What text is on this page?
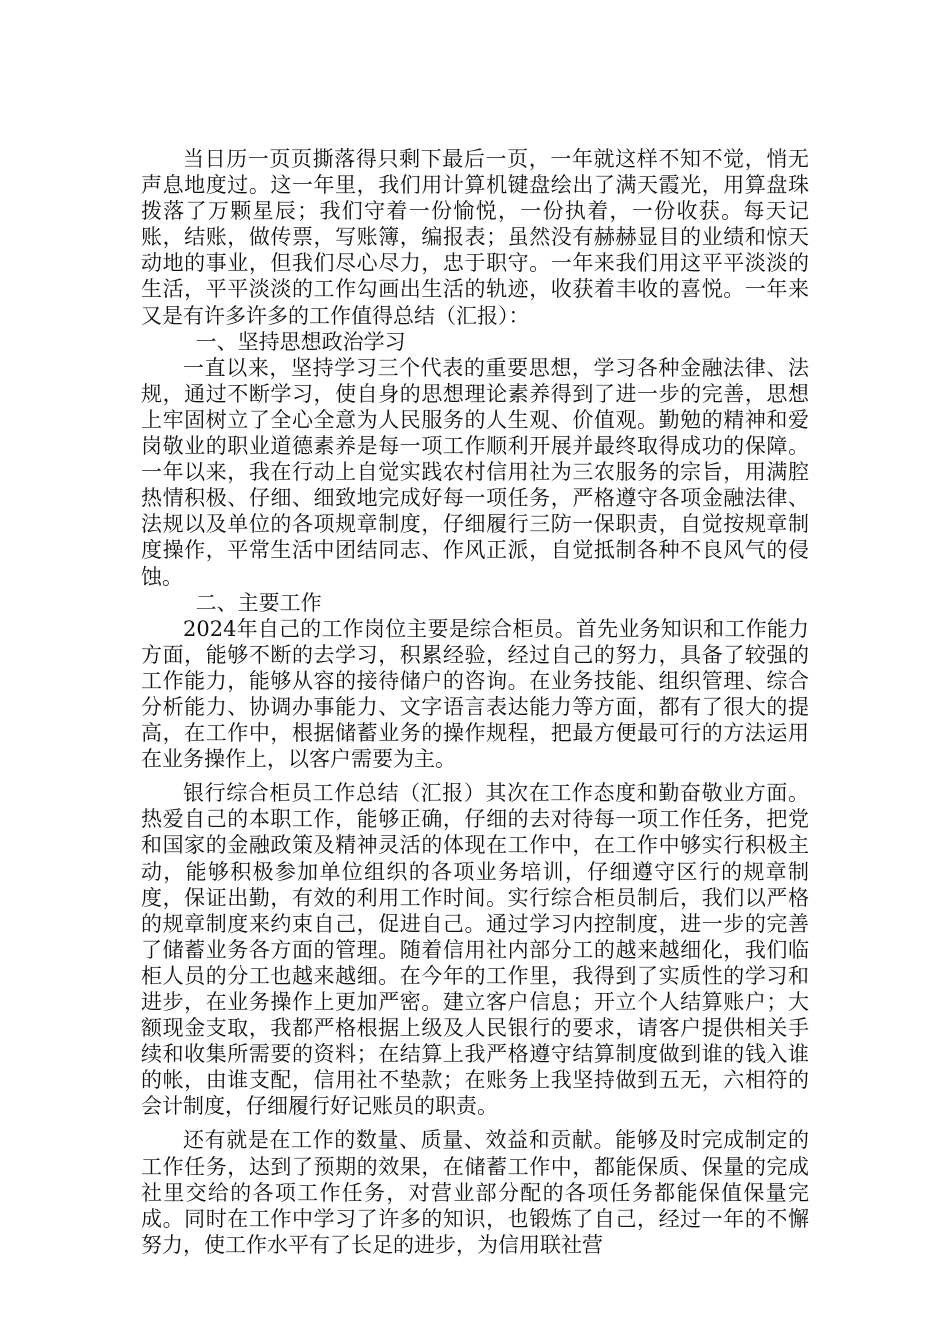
当日历一页页撕落得只剩下最后一页，一年就这样不知不觉，悄无声息地度过。这一年里，我们用计算机键盘绘出了满天霞光，用算盘珠拨落了万颗星辰；我们守着一份愉悦，一份执着，一份收获。每天记账，结账，做传票，写账簿，编报表；虽然没有赫赫显目的业绩和惊天动地的事业，但我们尽心尽力，忠于职守。一年来我们用这平平淡淡的生活，平平淡淡的工作勾画出生活的轨迹，收获着丰收的喜悦。一年来又是有许多许多的工作值得总结（汇报）：

一、坚持思想政治学习

一直以来，坚持学习三个代表的重要思想，学习各种金融法律、法规，通过不断学习，使自身的思想理论素养得到了进一步的完善，思想上牢固树立了全心全意为人民服务的人生观、价值观。勤勉的精神和爱岗敬业的职业道德素养是每一项工作顺利开展并最终取得成功的保障。一年以来，我在行动上自觉实践农村信用社为三农服务的宗旨，用满腔热情积极、仔细、细致地完成好每一项任务，严格遵守各项金融法律、法规以及单位的各项规章制度，仔细履行三防一保职责，自觉按规章制度操作，平常生活中团结同志、作风正派，自觉抵制各种不良风气的侵蚀。

二、主要工作

2024年自己的工作岗位主要是综合柜员。首先业务知识和工作能力方面，能够不断的去学习，积累经验，经过自己的努力，具备了较强的工作能力，能够从容的接待储户的咨询。在业务技能、组织管理、综合分析能力、协调办事能力、文字语言表达能力等方面，都有了很大的提高，在工作中，根据储蓄业务的操作规程，把最方便最可行的方法运用在业务操作上，以客户需要为主。

银行综合柜员工作总结（汇报）其次在工作态度和勤奋敬业方面。热爱自己的本职工作，能够正确，仔细的去对待每一项工作任务，把党和国家的金融政策及精神灵活的体现在工作中，在工作中够实行积极主动，能够积极参加单位组织的各项业务培训，仔细遵守区行的规章制度，保证出勤，有效的利用工作时间。实行综合柜员制后，我们以严格的规章制度来约束自己，促进自己。通过学习内控制度，进一步的完善了储蓄业务各方面的管理。随着信用社内部分工的越来越细化，我们临柜人员的分工也越来越细。在今年的工作里，我得到了实质性的学习和进步，在业务操作上更加严密。建立客户信息；开立个人结算账户；大额现金支取，我都严格根据上级及人民银行的要求，请客户提供相关手续和收集所需要的资料；在结算上我严格遵守结算制度做到谁的钱入谁的帐，由谁支配，信用社不垫款；在账务上我坚持做到五无，六相符的会计制度，仔细履行好记账员的职责。

还有就是在工作的数量、质量、效益和贡献。能够及时完成制定的工作任务，达到了预期的效果，在储蓄工作中，都能保质、保量的完成社里交给的各项工作任务，对营业部分配的各项任务都能保值保量完成。同时在工作中学习了许多的知识，也锻炼了自己，经过一年的不懈努力，使工作水平有了长足的进步，为信用联社营
